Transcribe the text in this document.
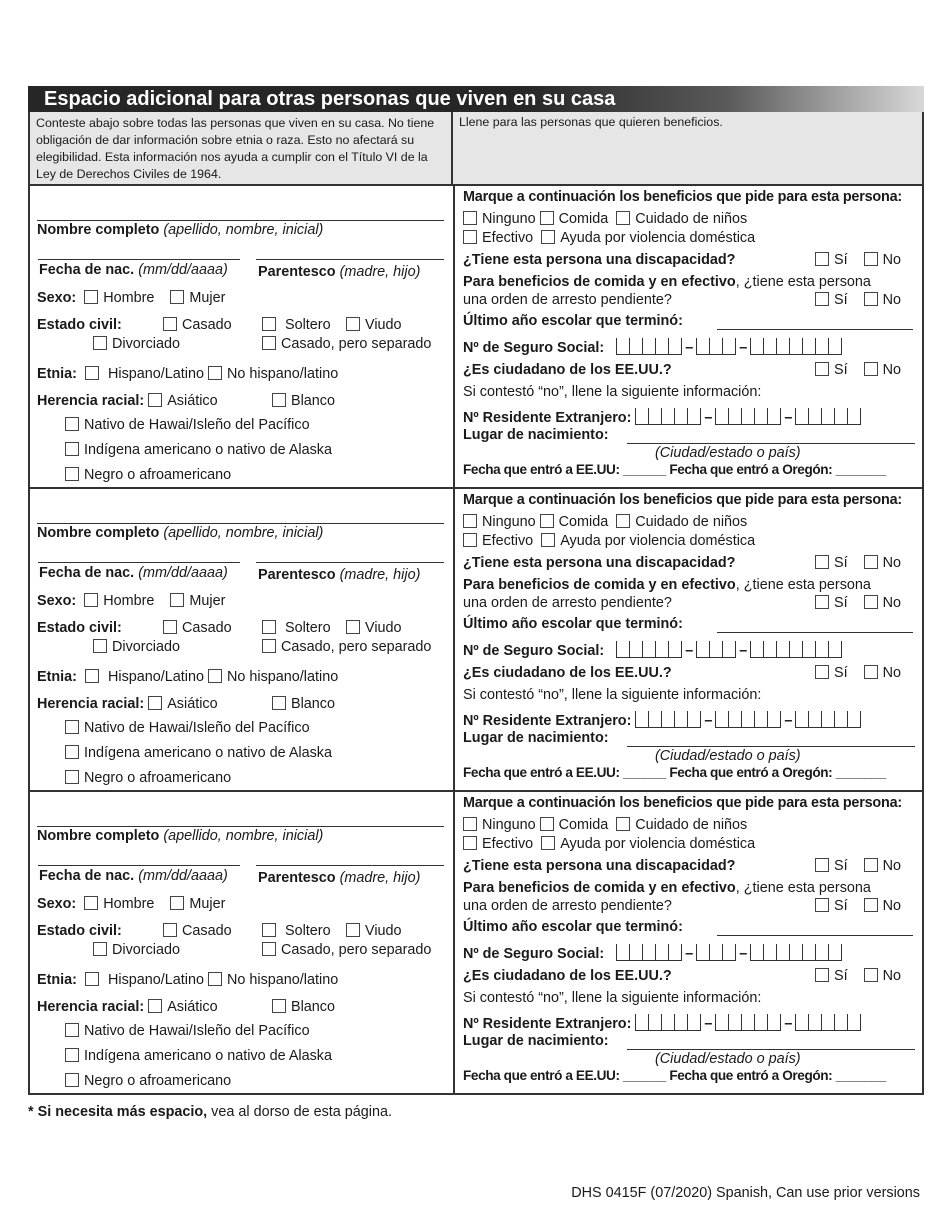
Espacio adicional para otras personas que viven en su casa
Conteste abajo sobre todas las personas que viven en su casa. No tiene obligación de dar información sobre etnia o raza. Esto no afectará su elegibilidad. Esta información nos ayuda a cumplir con el Título VI de la Ley de Derechos Civiles de 1964.
Llene para las personas que quieren beneficios.
Nombre completo (apellido, nombre, inicial)
Fecha de nac. (mm/dd/aaaa) Parentesco (madre, hijo)
Sexo: Hombre Mujer
Estado civil:	Casado	Soltero	Viudo
Divorciado	Casado, pero separado
Etnia: Hispano/Latino No hispano/latino
Herencia racial: Asiático	Blanco
Nativo de Hawai/Isleño del Pacífico
Indígena americano o nativo de Alaska
Negro o afroamericano
Marque a continuación los beneficios que pide para esta persona:
Ninguno Comida Cuidado de niños
Efectivo Ayuda por violencia doméstica
¿Tiene esta persona una discapacidad?	Sí No
Para beneficios de comida y en efectivo, ¿tiene esta persona
una orden de arresto pendiente?	Sí No
Último año escolar que terminó:
Nº de Seguro Social:	–	–
¿Es ciudadano de los EE.UU.?	Sí No
Si contestó “no”, llene la siguiente información:
Nº Residente Extranjero:	–	–
Lugar de nacimiento:
(Ciudad/estado o país)
Fecha que entró a EE.UU: ______ Fecha que entró a Oregón: _______
Nombre completo (apellido, nombre, inicial)
Fecha de nac. (mm/dd/aaaa) Parentesco (madre, hijo)
Sexo: Hombre Mujer
Estado civil:	Casado	Soltero	Viudo
Divorciado	Casado, pero separado
Etnia: Hispano/Latino No hispano/latino
Herencia racial: Asiático	Blanco
Nativo de Hawai/Isleño del Pacífico
Indígena americano o nativo de Alaska
Negro o afroamericano
Marque a continuación los beneficios que pide para esta persona:
Ninguno Comida Cuidado de niños
Efectivo Ayuda por violencia doméstica
¿Tiene esta persona una discapacidad?	Sí No
Para beneficios de comida y en efectivo, ¿tiene esta persona
una orden de arresto pendiente?	Sí No
Último año escolar que terminó:
Nº de Seguro Social:	–	–
¿Es ciudadano de los EE.UU.?	Sí No
Si contestó “no”, llene la siguiente información:
Nº Residente Extranjero:	–	–
Lugar de nacimiento:
(Ciudad/estado o país)
Fecha que entró a EE.UU: ______ Fecha que entró a Oregón: _______
Nombre completo (apellido, nombre, inicial)
Fecha de nac. (mm/dd/aaaa) Parentesco (madre, hijo)
Sexo: Hombre Mujer
Estado civil:	Casado	Soltero	Viudo
Divorciado	Casado, pero separado
Etnia: Hispano/Latino No hispano/latino
Herencia racial: Asiático	Blanco
Nativo de Hawai/Isleño del Pacífico
Indígena americano o nativo de Alaska
Negro o afroamericano
Marque a continuación los beneficios que pide para esta persona:
Ninguno Comida Cuidado de niños
Efectivo Ayuda por violencia doméstica
¿Tiene esta persona una discapacidad?	Sí No
Para beneficios de comida y en efectivo, ¿tiene esta persona
una orden de arresto pendiente?	Sí No
Último año escolar que terminó:
Nº de Seguro Social:	–	–
¿Es ciudadano de los EE.UU.?	Sí No
Si contestó “no”, llene la siguiente información:
Nº Residente Extranjero:	–	–
Lugar de nacimiento:
(Ciudad/estado o país)
Fecha que entró a EE.UU: ______ Fecha que entró a Oregón: _______
* Si necesita más espacio, vea al dorso de esta página.
DHS 0415F (07/2020) Spanish, Can use prior versions
